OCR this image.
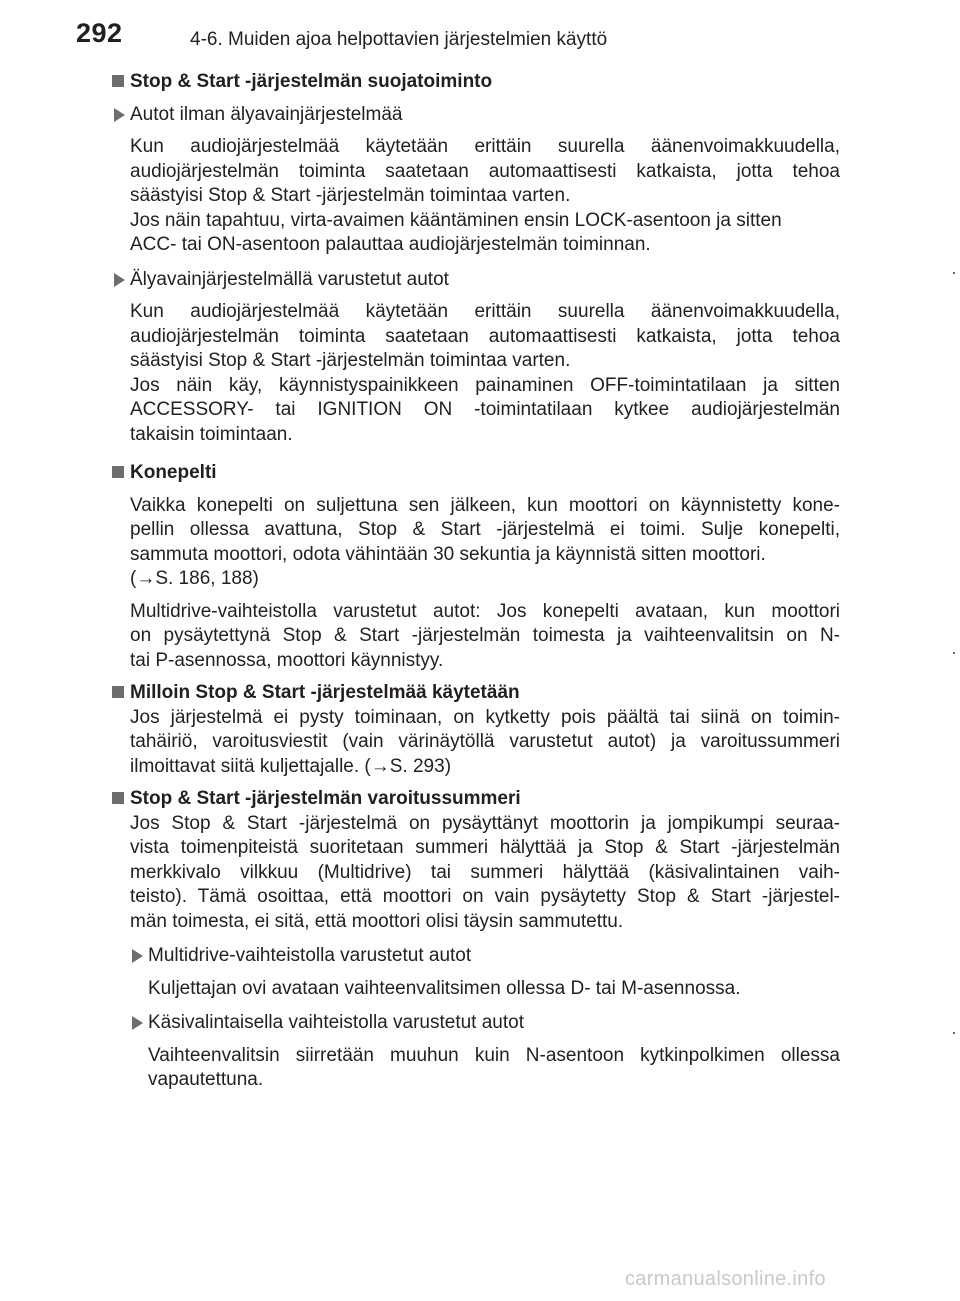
292	4-6. Muiden ajoa helpottavien järjestelmien käyttö
Stop & Start -järjestelmän suojatoiminto
Autot ilman älyavainjärjestelmää
Kun audiojärjestelmää käytetään erittäin suurella äänenvoimakkuudella,
audiojärjestelmän toiminta saatetaan automaattisesti katkaista, jotta tehoa
säästyisi Stop & Start -järjestelmän toimintaa varten.
Jos näin tapahtuu, virta-avaimen kääntäminen ensin LOCK-asentoon ja sitten
ACC- tai ON-asentoon palauttaa audiojärjestelmän toiminnan.
Älyavainjärjestelmällä varustetut autot
Kun audiojärjestelmää käytetään erittäin suurella äänenvoimakkuudella,
audiojärjestelmän toiminta saatetaan automaattisesti katkaista, jotta tehoa
säästyisi Stop & Start -järjestelmän toimintaa varten.
Jos näin käy, käynnistyspainikkeen painaminen OFF-toimintatilaan ja sitten
ACCESSORY- tai IGNITION ON -toimintatilaan kytkee audiojärjestelmän
takaisin toimintaan.
Konepelti
Vaikka konepelti on suljettuna sen jälkeen, kun moottori on käynnistetty kone-
pellin ollessa avattuna, Stop & Start -järjestelmä ei toimi. Sulje konepelti,
sammuta moottori, odota vähintään 30 sekuntia ja käynnistä sitten moottori.
(→S. 186, 188)
Multidrive-vaihteistolla varustetut autot: Jos konepelti avataan, kun moottori
on pysäytettynä Stop & Start -järjestelmän toimesta ja vaihteenvalitsin on N-
tai P-asennossa, moottori käynnistyy.
Milloin Stop & Start -järjestelmää käytetään
Jos järjestelmä ei pysty toiminaan, on kytketty pois päältä tai siinä on toimin-
tahäiriö, varoitusviestit (vain värinäytöllä varustetut autot) ja varoitussummeri
ilmoittavat siitä kuljettajalle. (→S. 293)
Stop & Start -järjestelmän varoitussummeri
Jos Stop & Start -järjestelmä on pysäyttänyt moottorin ja jompikumpi seuraa-
vista toimenpiteistä suoritetaan summeri hälyttää ja Stop & Start -järjestelmän
merkkivalo vilkkuu (Multidrive) tai summeri hälyttää (käsivalintainen vaih-
teisto). Tämä osoittaa, että moottori on vain pysäytetty Stop & Start -järjestel-
män toimesta, ei sitä, että moottori olisi täysin sammutettu.
Multidrive-vaihteistolla varustetut autot
Kuljettajan ovi avataan vaihteenvalitsimen ollessa D- tai M-asennossa.
Käsivalintaisella vaihteistolla varustetut autot
Vaihteenvalitsin siirretään muuhun kuin N-asentoon kytkinpolkimen ollessa
vapautettuna.
carmanualsonline.info
